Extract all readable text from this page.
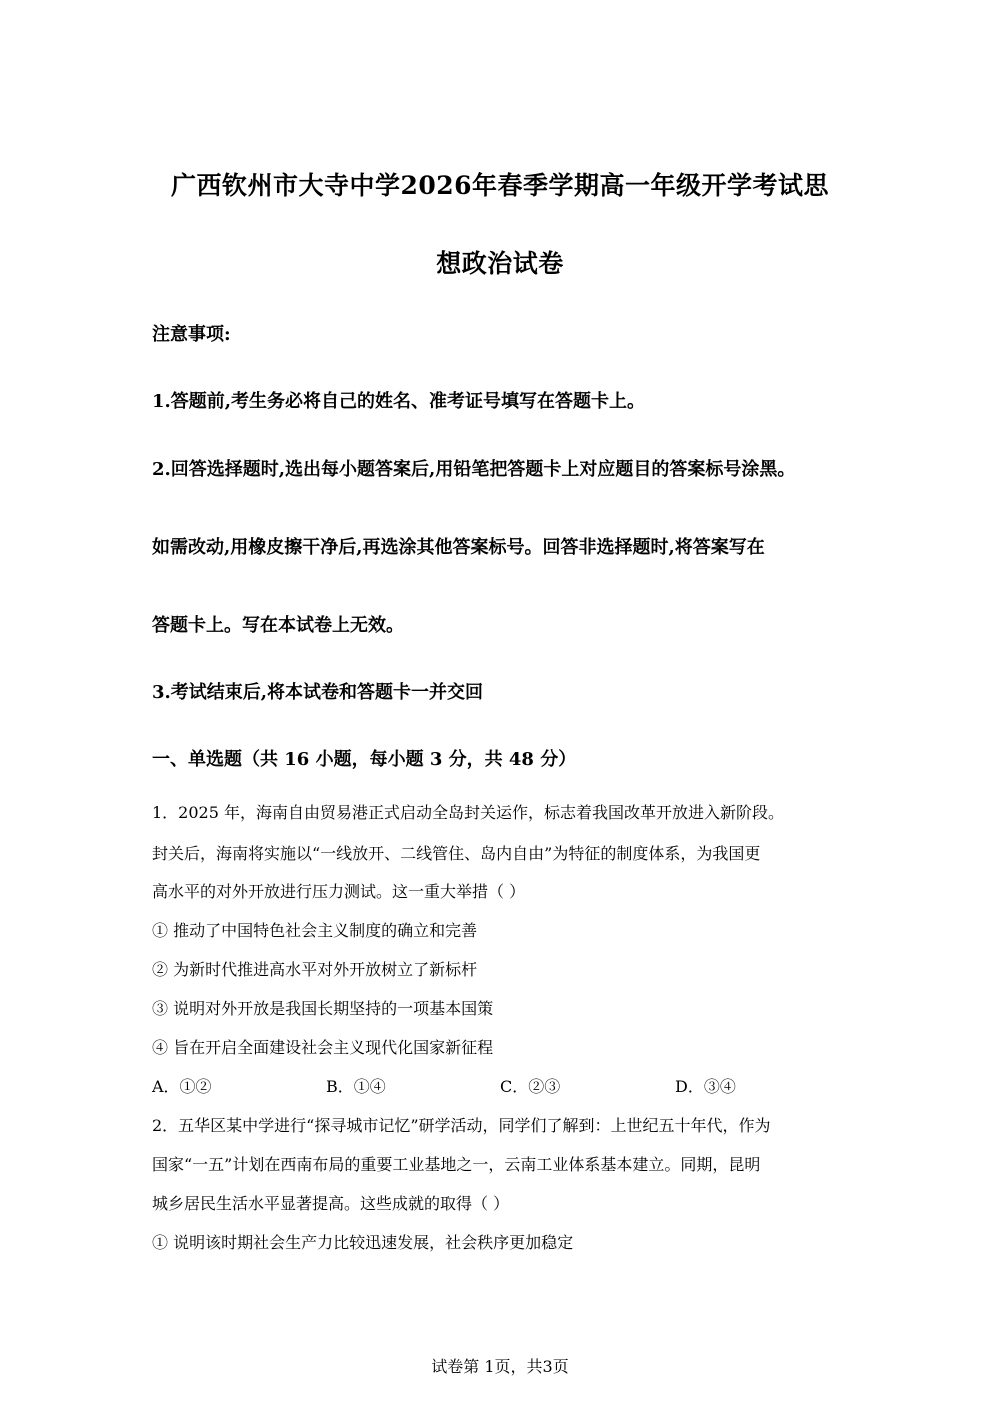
广西钦州市大寺中学2026年春季学期高一年级开学考试思
想政治试卷
注意事项:
1.答题前,考生务必将自己的姓名、准考证号填写在答题卡上。
2.回答选择题时,选出每小题答案后,用铅笔把答题卡上对应题目的答案标号涂黑。
如需改动,用橡皮擦干净后,再选涂其他答案标号。回答非选择题时,将答案写在
答题卡上。写在本试卷上无效。
3.考试结束后,将本试卷和答题卡一并交回
一、单选题（共 16 小题，每小题 3 分，共 48 分）
1．2025 年，海南自由贸易港正式启动全岛封关运作，标志着我国改革开放进入新阶段。
封关后，海南将实施以“一线放开、二线管住、岛内自由”为特征的制度体系，为我国更
高水平的对外开放进行压力测试。这一重大举措（ ）
① 推动了中国特色社会主义制度的确立和完善
② 为新时代推进高水平对外开放树立了新标杆
③ 说明对外开放是我国长期坚持的一项基本国策
④ 旨在开启全面建设社会主义现代化国家新征程
A．①②	B．①④	C．②③	D．③④
2．五华区某中学进行“探寻城市记忆”研学活动，同学们了解到：上世纪五十年代，作为
国家“一五”计划在西南布局的重要工业基地之一，云南工业体系基本建立。同期，昆明
城乡居民生活水平显著提高。这些成就的取得（ ）
① 说明该时期社会生产力比较迅速发展，社会秩序更加稳定
试卷第 1页，共3页
